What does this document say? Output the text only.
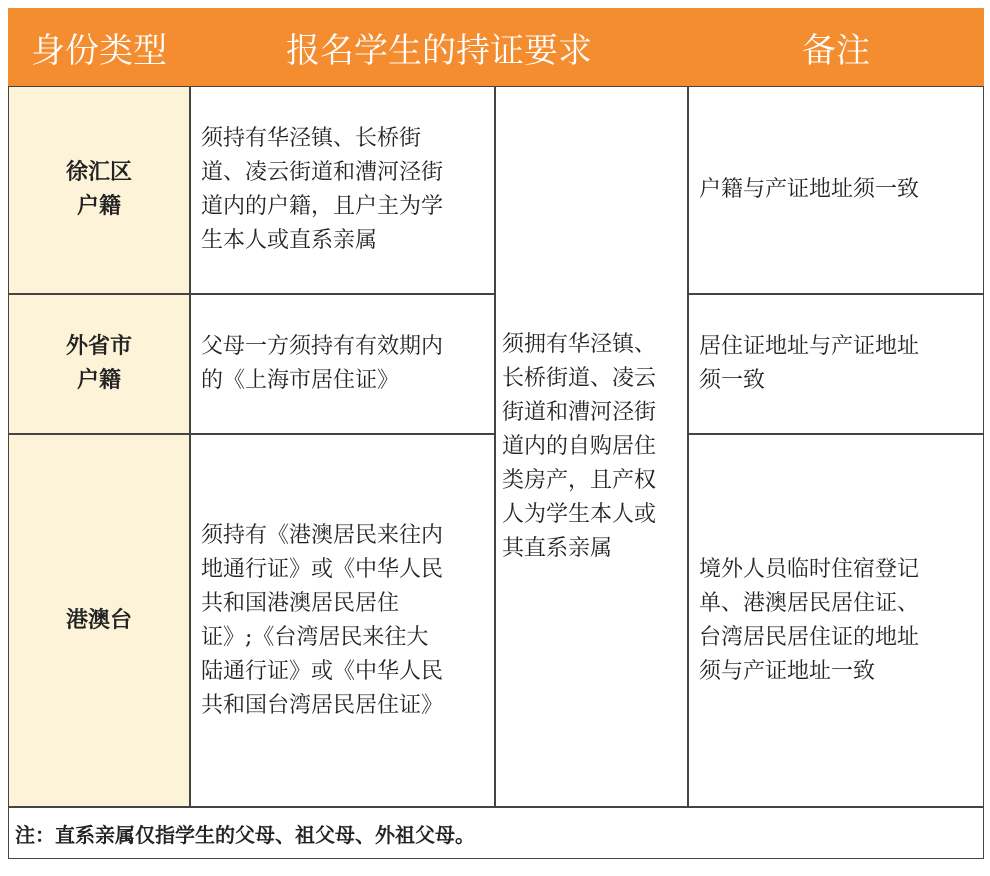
身份类型	报名学生的持证要求	备注
徐汇区
户籍
须持有华泾镇、长桥街
道、凌云街道和漕河泾街
道内的户籍，且户主为学
生本人或直系亲属
户籍与产证地址须一致
外省市
户籍
父母一方须持有有效期内
的《上海市居住证》
居住证地址与产证地址
须一致
港澳台
须持有《港澳居民来往内
地通行证》或《中华人民
共和国港澳居民居住
证》;《台湾居民来往大
陆通行证》或《中华人民
共和国台湾居民居住证》
境外人员临时住宿登记
单、港澳居民居住证、
台湾居民居住证的地址
须与产证地址一致
须拥有华泾镇、
长桥街道、凌云
街道和漕河泾街
道内的自购居住
类房产，且产权
人为学生本人或
其直系亲属
注：直系亲属仅指学生的父母、祖父母、外祖父母。
